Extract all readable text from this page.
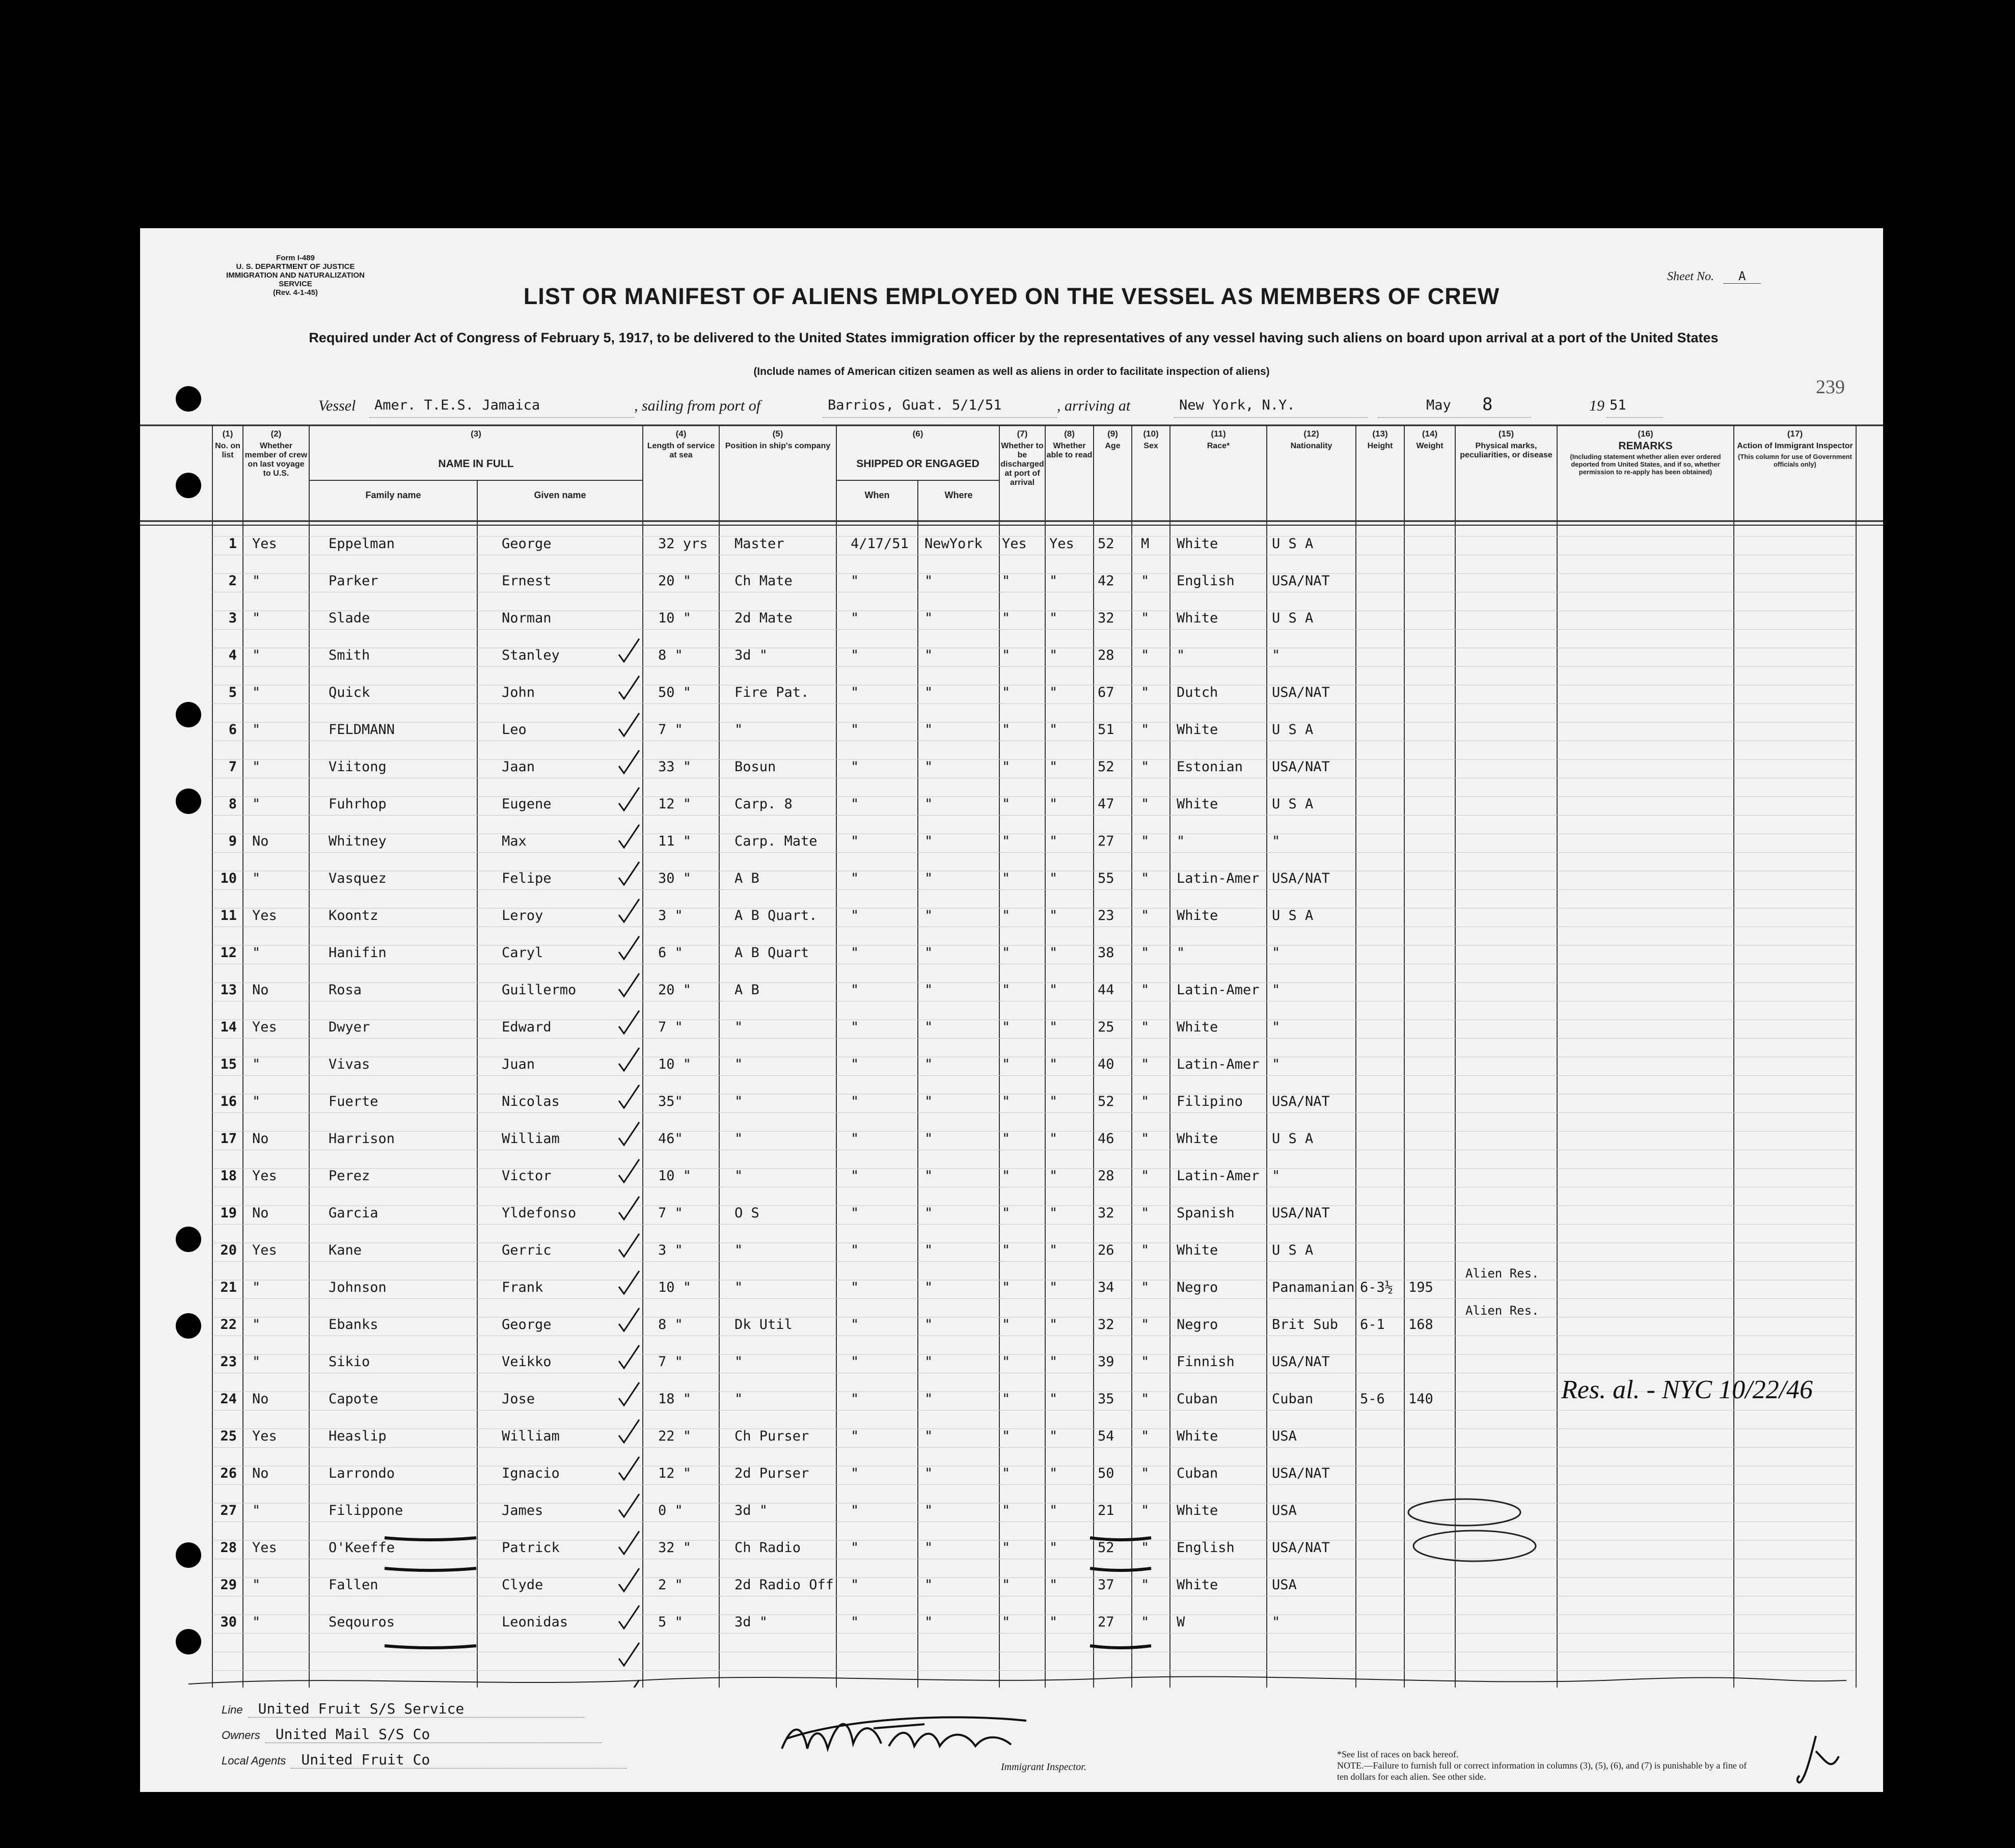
Form I-489
U. S. DEPARTMENT OF JUSTICE
IMMIGRATION AND NATURALIZATION SERVICE
(Rev. 4-1-45)
Sheet No. A
LIST OR MANIFEST OF ALIENS EMPLOYED ON THE VESSEL AS MEMBERS OF CREW
Required under Act of Congress of February 5, 1917, to be delivered to the United States immigration officer by the representatives of any vessel having such aliens on board upon arrival at a port of the United States
(Include names of American citizen seamen as well as aliens in order to facilitate inspection of aliens)
239
Vessel Amer. T.E.S. Jamaica	, sailing from port of	Barrios, Guat. 5/1/51	, arriving at	New York, N.Y.	May 8	19 51
(1)
No. on list
(2)
Whether member of crew on last voyage to U.S.
(3)
NAME IN FULL
(4)
Length of service at sea
(5)
Position in ship's company
(6)
SHIPPED OR ENGAGED
(7)
Whether to be discharged at port of arrival
(8)
Whether able to read
(9)
Age
(10)
Sex
(11)
Race*
(12)
Nationality
(13)
Height
(14)
Weight
(15)
Physical marks, peculiarities, or disease
(16)
REMARKS
(Including statement whether alien ever ordered deported from United States, and if so, whether permission to re-apply has been obtained)
(17)
Action of Immigrant Inspector
(This column for use of Government officials only)
Family name	Given name	When	Where
1 Yes	Eppelman	George	32 yrs Master	4/17/51 NewYork Yes Yes 52 M White	U S A
2 "	Parker	Ernest	20 "	Ch Mate	"	"	"	"	42 " English	USA/NAT
3 "	Slade	Norman	10 "	2d Mate	"	"	"	"	32 " White	U S A
4 "	Smith	Stanley	8 "	3d "	"	"	"	"	28 " "	"
5 "	Quick	John	50 "	Fire Pat.	"	"	"	"	67 " Dutch	USA/NAT
6 "	FELDMANN	Leo	7 "	"	"	"	"	"	51 " White	U S A
7 "	Viitong	Jaan	33 "	Bosun	"	"	"	"	52 " Estonian USA/NAT
8 "	Fuhrhop	Eugene	12 "	Carp. 8	"	"	"	"	47 " White	U S A
9 No	Whitney	Max	11 "	Carp. Mate "	"	"	"	27 " "	"
10 "	Vasquez	Felipe	30 "	A B	"	"	"	"	55 " Latin-Amer USA/NAT
11 Yes	Koontz	Leroy	3 "	A B Quart. "	"	"	"	23 " White	U S A
12 "	Hanifin	Caryl	6 "	A B Quart	"	"	"	"	38 " "	"
13 No	Rosa	Guillermo	20 "	A B	"	"	"	"	44 " Latin-Amer "
14 Yes	Dwyer	Edward	7 "	"	"	"	"	"	25 " White	"
15 "	Vivas	Juan	10 "	"	"	"	"	"	40 " Latin-Amer "
16 "	Fuerte	Nicolas	35"	"	"	"	"	"	52 " Filipino USA/NAT
17 No	Harrison	William	46"	"	"	"	"	"	46 " White	U S A
18 Yes	Perez	Victor	10 "	"	"	"	"	"	28 " Latin-Amer "
19 No	Garcia	Yldefonso	7 "	O S	"	"	"	"	32 " Spanish	USA/NAT
20 Yes	Kane	Gerric	3 "	"	"	"	"	"	26 " White	U S A
21 "	Johnson	Frank	10 "	"	"	"	"	"	34 " Negro	Panamanian 6-3½ 195
Alien Res.
22 "	Ebanks	George	8 "	Dk Util	"	"	"	"	32 " Negro	Brit Sub 6-1 168
Alien Res.
23 "	Sikio	Veikko	7 "	"	"	"	"	"	39 " Finnish	USA/NAT
24 No	Capote	Jose	18 "	"	"	"	"	"	35 " Cuban	Cuban	5-6 140	Res. al. - NYC 10/22/46
25 Yes	Heaslip	William	22 "	Ch Purser	"	"	"	"	54 " White	USA
26 No	Larrondo	Ignacio	12 "	2d Purser	"	"	"	"	50 " Cuban	USA/NAT
27 "	Filippone	James	0 "	3d "	"	"	"	"	21 " White	USA
28 Yes	O'Keeffe	Patrick	32 "	Ch Radio	"	"	"	"	52 " English	USA/NAT
29 "	Fallen	Clyde	2 "	2d Radio Off "	"	"	"	37 " White	USA
30 "	Seqouros	Leonidas	5 "	3d "	"	"	"	"	27 " W	"
Line United Fruit S/S Service
Owners United Mail S/S Co
Local Agents United Fruit Co	Immigrant Inspector.
*See list of races on back hereof.
NOTE.—Failure to furnish full or correct information in columns (3), (5), (6), and (7) is punishable by a fine of ten dollars for each alien. See other side.
